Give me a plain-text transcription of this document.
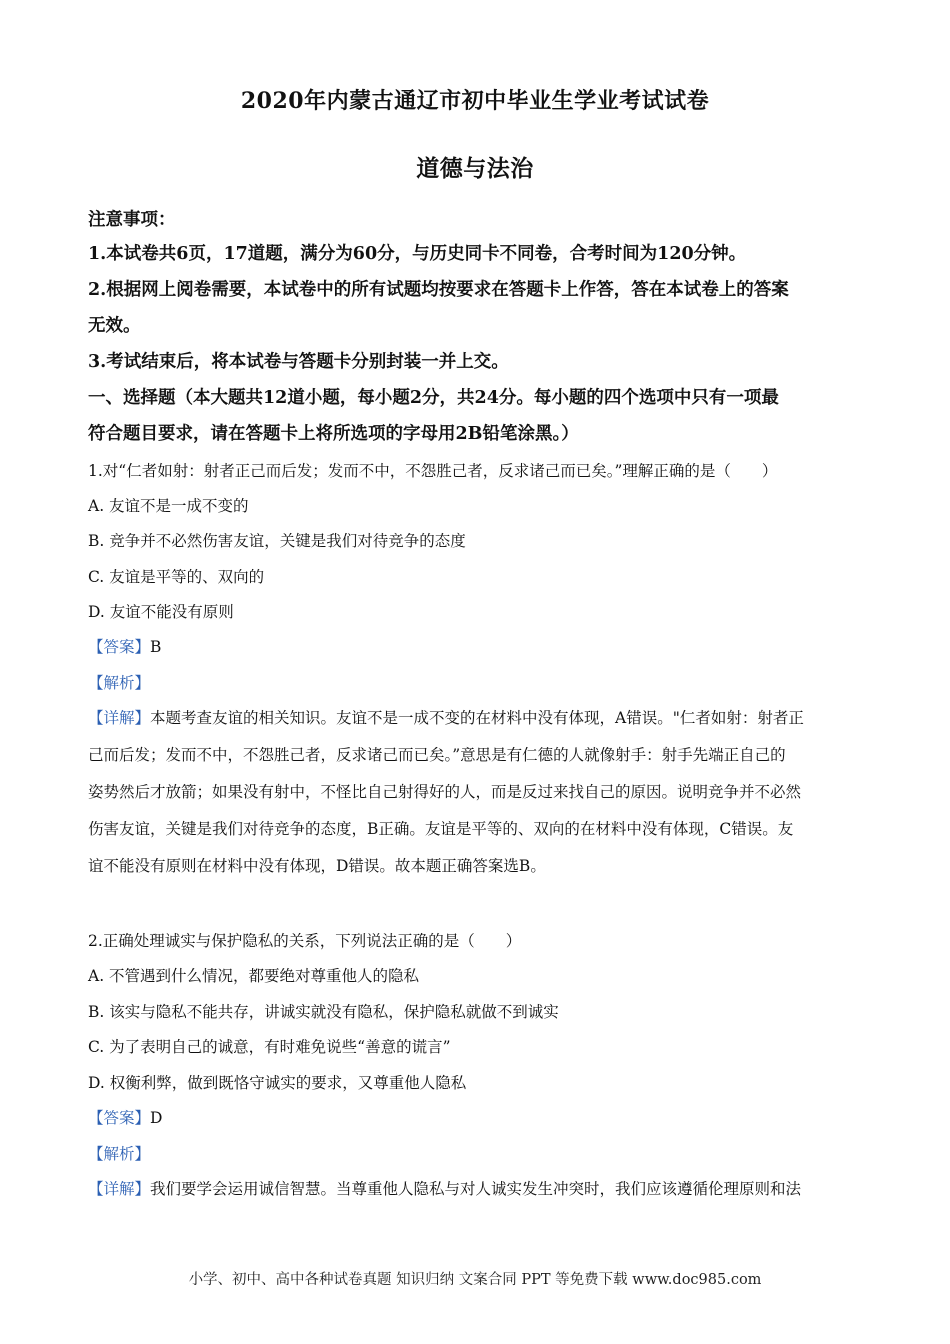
2020年内蒙古通辽市初中毕业生学业考试试卷
道德与法治
注意事项：
1.本试卷共6页，17道题，满分为60分，与历史同卡不同卷，合考时间为120分钟。
2.根据网上阅卷需要，本试卷中的所有试题均按要求在答题卡上作答，答在本试卷上的答案
无效。
3.考试结束后，将本试卷与答题卡分别封装一并上交。
一、选择题（本大题共12道小题，每小题2分，共24分。每小题的四个选项中只有一项最
符合题目要求，请在答题卡上将所选项的字母用2B铅笔涂黑。）
1.对“仁者如射：射者正己而后发；发而不中，不怨胜己者，反求诸己而已矣。”理解正确的是（　　）
A. 友谊不是一成不变的
B. 竞争并不必然伤害友谊，关键是我们对待竞争的态度
C. 友谊是平等的、双向的
D. 友谊不能没有原则
【答案】B
【解析】
【详解】本题考查友谊的相关知识。友谊不是一成不变的在材料中没有体现，A错误。"仁者如射：射者正
己而后发；发而不中，不怨胜己者，反求诸己而已矣。”意思是有仁德的人就像射手：射手先端正自己的
姿势然后才放箭；如果没有射中，不怪比自己射得好的人，而是反过来找自己的原因。说明竞争并不必然
伤害友谊，关键是我们对待竞争的态度，B正确。友谊是平等的、双向的在材料中没有体现，C错误。友
谊不能没有原则在材料中没有体现，D错误。故本题正确答案选B。
2.正确处理诚实与保护隐私的关系，下列说法正确的是（　　）
A. 不管遇到什么情况，都要绝对尊重他人的隐私
B. 该实与隐私不能共存，讲诚实就没有隐私，保护隐私就做不到诚实
C. 为了表明自己的诚意，有时难免说些“善意的谎言”
D. 权衡利弊，做到既恪守诚实的要求，又尊重他人隐私
【答案】D
【解析】
【详解】我们要学会运用诚信智慧。当尊重他人隐私与对人诚实发生冲突时，我们应该遵循伦理原则和法
小学、初中、高中各种试卷真题 知识归纳 文案合同 PPT 等免费下载 www.doc985.com
